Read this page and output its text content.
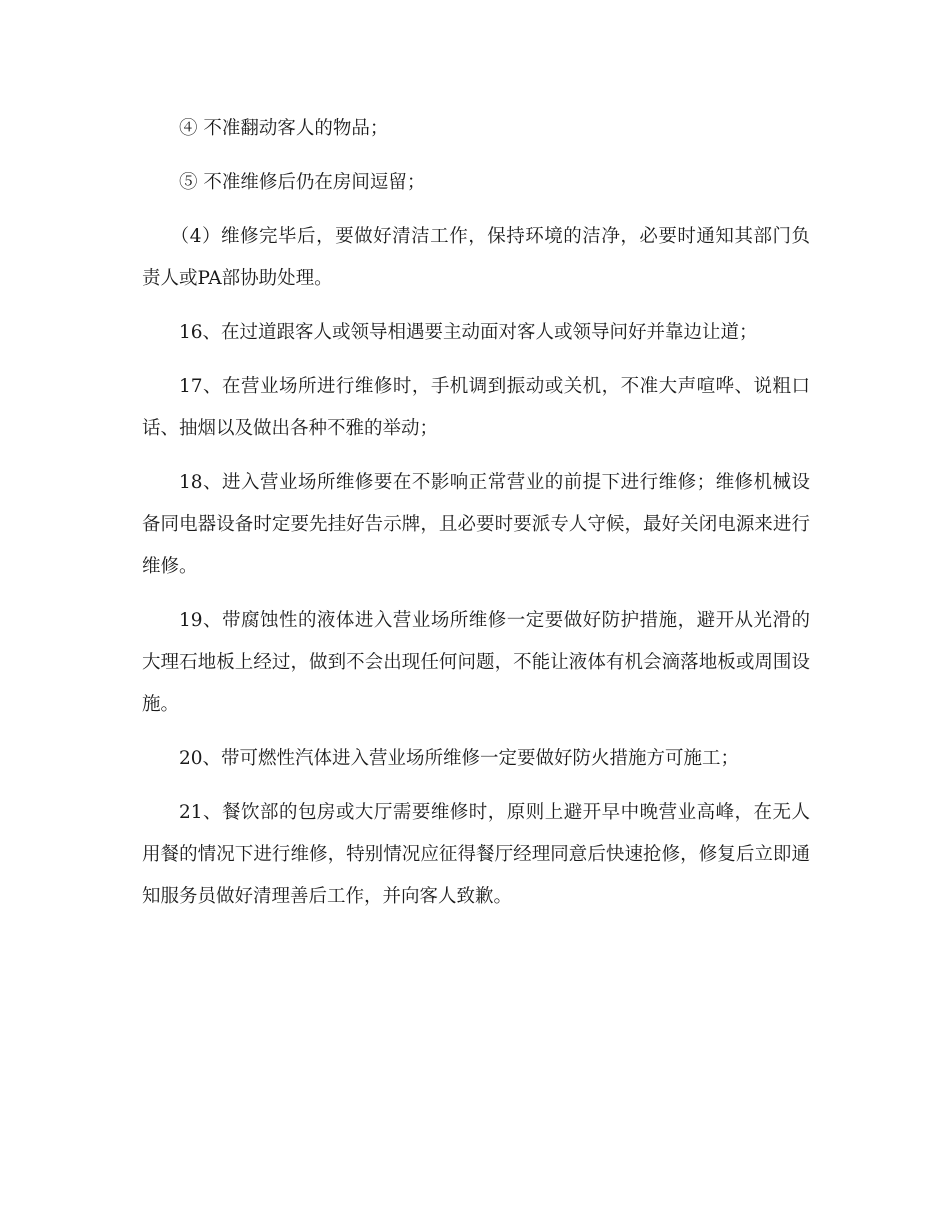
④ 不准翻动客人的物品；

⑤ 不准维修后仍在房间逗留；

（4）维修完毕后，要做好清洁工作，保持环境的洁净，必要时通知其部门负责人或PA部协助处理。

16、在过道跟客人或领导相遇要主动面对客人或领导问好并靠边让道；

17、在营业场所进行维修时，手机调到振动或关机，不准大声喧哗、说粗口话、抽烟以及做出各种不雅的举动；

18、进入营业场所维修要在不影响正常营业的前提下进行维修；维修机械设备同电器设备时定要先挂好告示牌，且必要时要派专人守候，最好关闭电源来进行维修。

19、带腐蚀性的液体进入营业场所维修一定要做好防护措施，避开从光滑的大理石地板上经过，做到不会出现任何问题，不能让液体有机会滴落地板或周围设施。

20、带可燃性汽体进入营业场所维修一定要做好防火措施方可施工；

21、餐饮部的包房或大厅需要维修时，原则上避开早中晚营业高峰，在无人用餐的情况下进行维修，特别情况应征得餐厅经理同意后快速抢修，修复后立即通知服务员做好清理善后工作，并向客人致歉。
